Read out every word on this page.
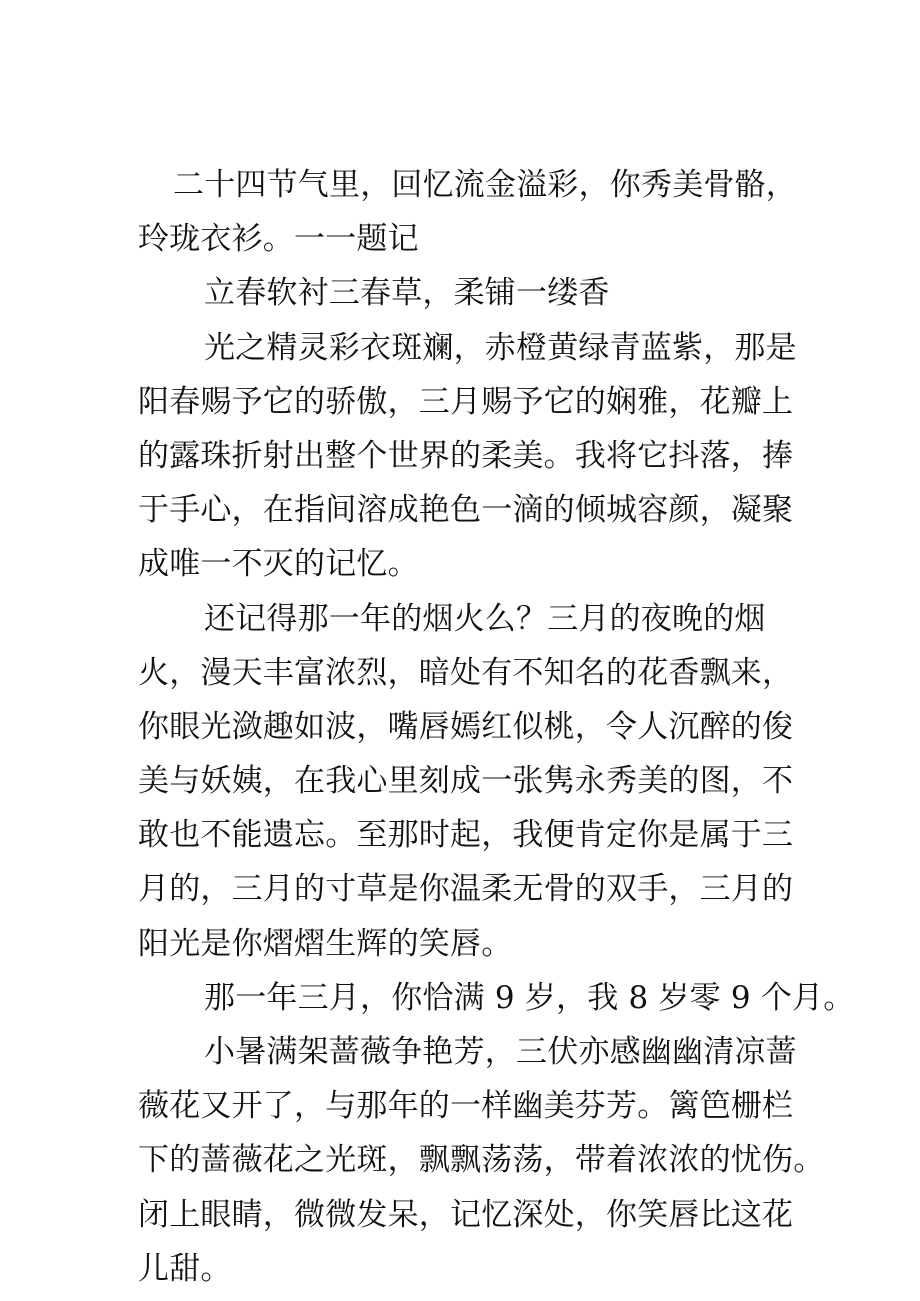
二十四节气里，回忆流金溢彩，你秀美骨骼，
玲珑衣衫。一一题记
立春软衬三春草，柔铺一缕香
光之精灵彩衣斑斓，赤橙黄绿青蓝紫，那是
阳春赐予它的骄傲，三月赐予它的娴雅，花瓣上
的露珠折射出整个世界的柔美。我将它抖落，捧
于手心，在指间溶成艳色一滴的倾城容颜，凝聚
成唯一不灭的记忆。
还记得那一年的烟火么？三月的夜晚的烟
火，漫天丰富浓烈，暗处有不知名的花香飘来，
你眼光潋趣如波，嘴唇嫣红似桃，令人沉醉的俊
美与妖姨，在我心里刻成一张隽永秀美的图，不
敢也不能遗忘。至那时起，我便肯定你是属于三
月的，三月的寸草是你温柔无骨的双手，三月的
阳光是你熠熠生辉的笑唇。
那一年三月，你恰满 9 岁，我 8 岁零 9 个月。
小暑满架蔷薇争艳芳，三伏亦感幽幽清凉蔷
薇花又开了，与那年的一样幽美芬芳。篱笆栅栏
下的蔷薇花之光斑，飘飘荡荡，带着浓浓的忧伤。
闭上眼睛，微微发呆，记忆深处，你笑唇比这花
儿甜。
